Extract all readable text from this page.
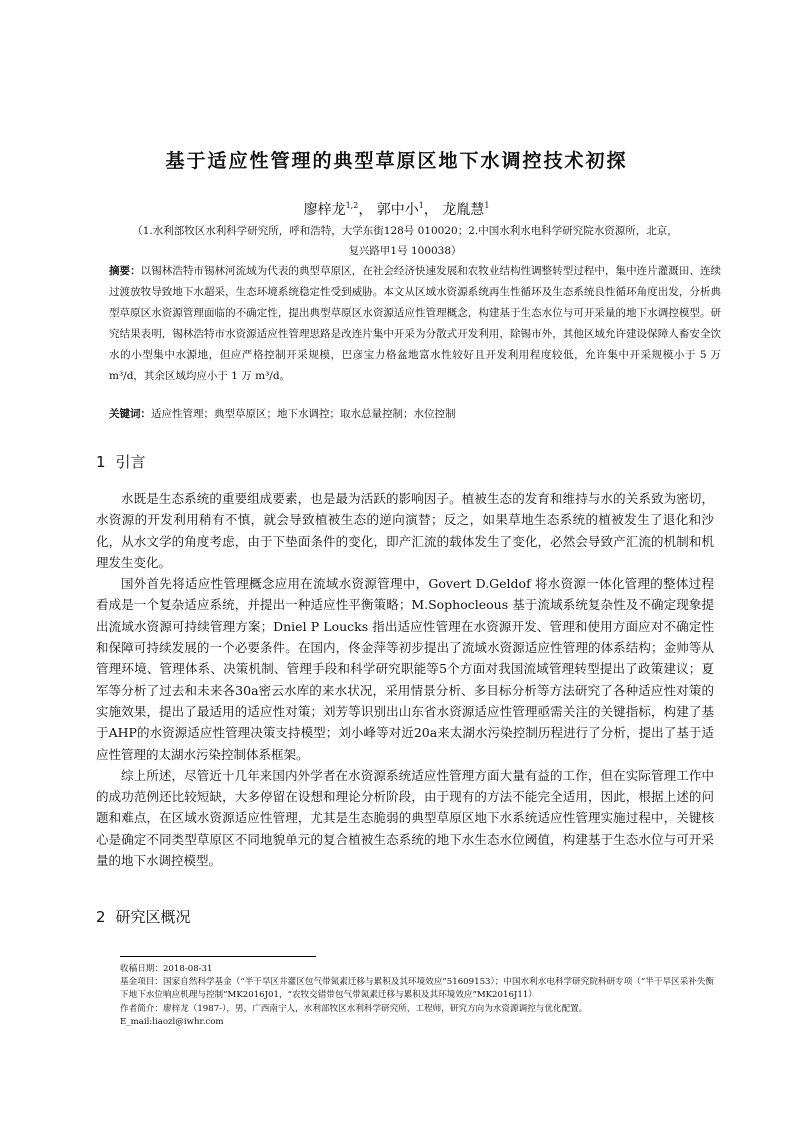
基于适应性管理的典型草原区地下水调控技术初探
廖梓龙$^{1,2}$， 郭中小$^1$， 龙胤慧$^1$
（1.水利部牧区水利科学研究所，呼和浩特，大学东街128号 010020；2.中国水利水电科学研究院水资源所，北京，
复兴路甲1号 100038）
摘要：以锡林浩特市锡林河流域为代表的典型草原区，在社会经济快速发展和农牧业结构性调整转型过程中，集中连片灌溉田、连续过渡放牧导致地下水超采，生态环境系统稳定性受到威胁。本文从区域水资源系统再生性循环及生态系统良性循环角度出发，分析典型草原区水资源管理面临的不确定性，提出典型草原区水资源适应性管理概念，构建基于生态水位与可开采量的地下水调控模型。研究结果表明，锡林浩特市水资源适应性管理思路是改连片集中开采为分散式开发利用，除锡市外，其他区域允许建设保障人畜安全饮水的小型集中水源地，但应严格控制开采规模，巴彦宝力格盆地富水性较好且开发利用程度较低，允许集中开采规模小于 5 万 m³/d，其余区域均应小于 1 万 m³/d。
关键词：适应性管理；典型草原区；地下水调控；取水总量控制；水位控制
1 引言

水既是生态系统的重要组成要素，也是最为活跃的影响因子。植被生态的发育和维持与水的关系致为密切，水资源的开发利用稍有不慎，就会导致植被生态的逆向演替；反之，如果草地生态系统的植被发生了退化和沙化，从水文学的角度考虑，由于下垫面条件的变化，即产汇流的载体发生了变化，必然会导致产汇流的机制和机理发生变化。

国外首先将适应性管理概念应用在流域水资源管理中，Govert D.Geldof 将水资源一体化管理的整体过程看成是一个复杂适应系统，并提出一种适应性平衡策略；M.Sophocleous 基于流域系统复杂性及不确定现象提出流域水资源可持续管理方案；Dniel P Loucks 指出适应性管理在水资源开发、管理和使用方面应对不确定性和保障可持续发展的一个必要条件。在国内，佟金萍等初步提出了流域水资源适应性管理的体系结构；金帅等从管理环境、管理体系、决策机制、管理手段和科学研究职能等5个方面对我国流域管理转型提出了政策建议；夏军等分析了过去和未来各30a密云水库的来水状况，采用情景分析、多目标分析等方法研究了各种适应性对策的实施效果，提出了最适用的适应性对策；刘芳等识别出山东省水资源适应性管理亟需关注的关键指标，构建了基于AHP的水资源适应性管理决策支持模型；刘小峰等对近20a来太湖水污染控制历程进行了分析，提出了基于适应性管理的太湖水污染控制体系框架。

综上所述，尽管近十几年来国内外学者在水资源系统适应性管理方面大量有益的工作，但在实际管理工作中的成功范例还比较短缺，大多停留在设想和理论分析阶段，由于现有的方法不能完全适用，因此，根据上述的问题和难点，在区域水资源适应性管理，尤其是生态脆弱的典型草原区地下水系统适应性管理实施过程中，关键核心是确定不同类型草原区不同地貌单元的复合植被生态系统的地下水生态水位阈值，构建基于生态水位与可开采量的地下水调控模型。

2 研究区概况
收稿日期：2018-08-31
基金项目：国家自然科学基金（“半干旱区井灌区包气带氮素迁移与累积及其环境效应”51609153）；中国水利水电科学研究院科研专项（“半干旱区采补失衡下地下水位响应机理与控制”MK2016J01，“农牧交错带包气带氮素迁移与累积及其环境效应”MK2016J11）
作者简介：廖梓龙（1987-），男，广西南宁人，水利部牧区水利科学研究所，工程师，研究方向为水资源调控与优化配置。
E_mail:liaozl@iwhr.com
